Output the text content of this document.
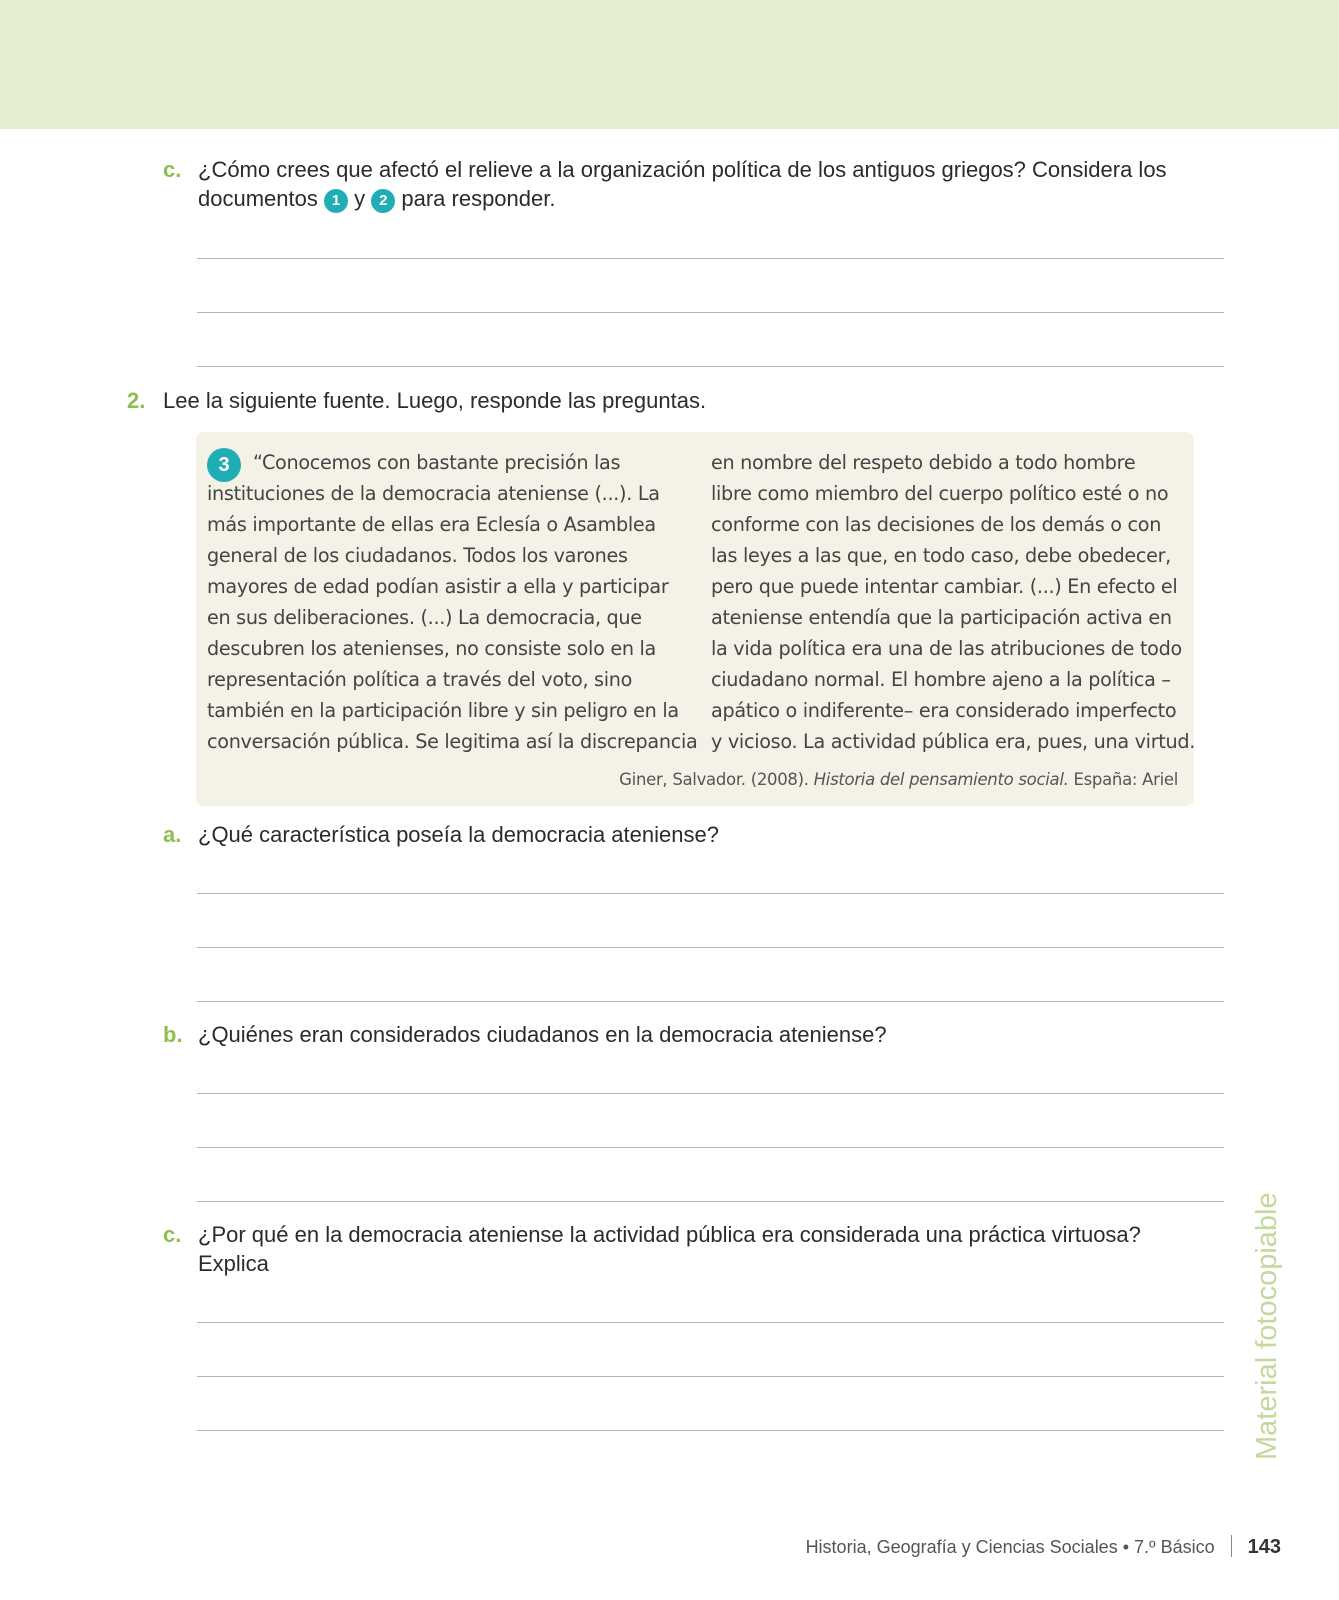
c. ¿Cómo crees que afectó el relieve a la organización política de los antiguos griegos? Considera los
documentos 1 y 2 para responder.
2. Lee la siguiente fuente. Luego, responde las preguntas.
3 “Conocemos con bastante precisión las
instituciones de la democracia ateniense (...). La
más importante de ellas era Eclesía o Asamblea
general de los ciudadanos. Todos los varones
mayores de edad podían asistir a ella y participar
en sus deliberaciones. (...) La democracia, que
descubren los atenienses, no consiste solo en la
representación política a través del voto, sino
también en la participación libre y sin peligro en la
conversación pública. Se legitima así la discrepancia
en nombre del respeto debido a todo hombre
libre como miembro del cuerpo político esté o no
conforme con las decisiones de los demás o con
las leyes a las que, en todo caso, debe obedecer,
pero que puede intentar cambiar. (...) En efecto el
ateniense entendía que la participación activa en
la vida política era una de las atribuciones de todo
ciudadano normal. El hombre ajeno a la política –
apático o indiferente– era considerado imperfecto
y vicioso. La actividad pública era, pues, una virtud.
Giner, Salvador. (2008). Historia del pensamiento social. España: Ariel
a. ¿Qué característica poseía la democracia ateniense?
b. ¿Quiénes eran considerados ciudadanos en la democracia ateniense?
c. ¿Por qué en la democracia ateniense la actividad pública era considerada una práctica virtuosa?
Explica	Material fotocopiable
Historia, Geografía y Ciencias Sociales • 7.º Básico 143
